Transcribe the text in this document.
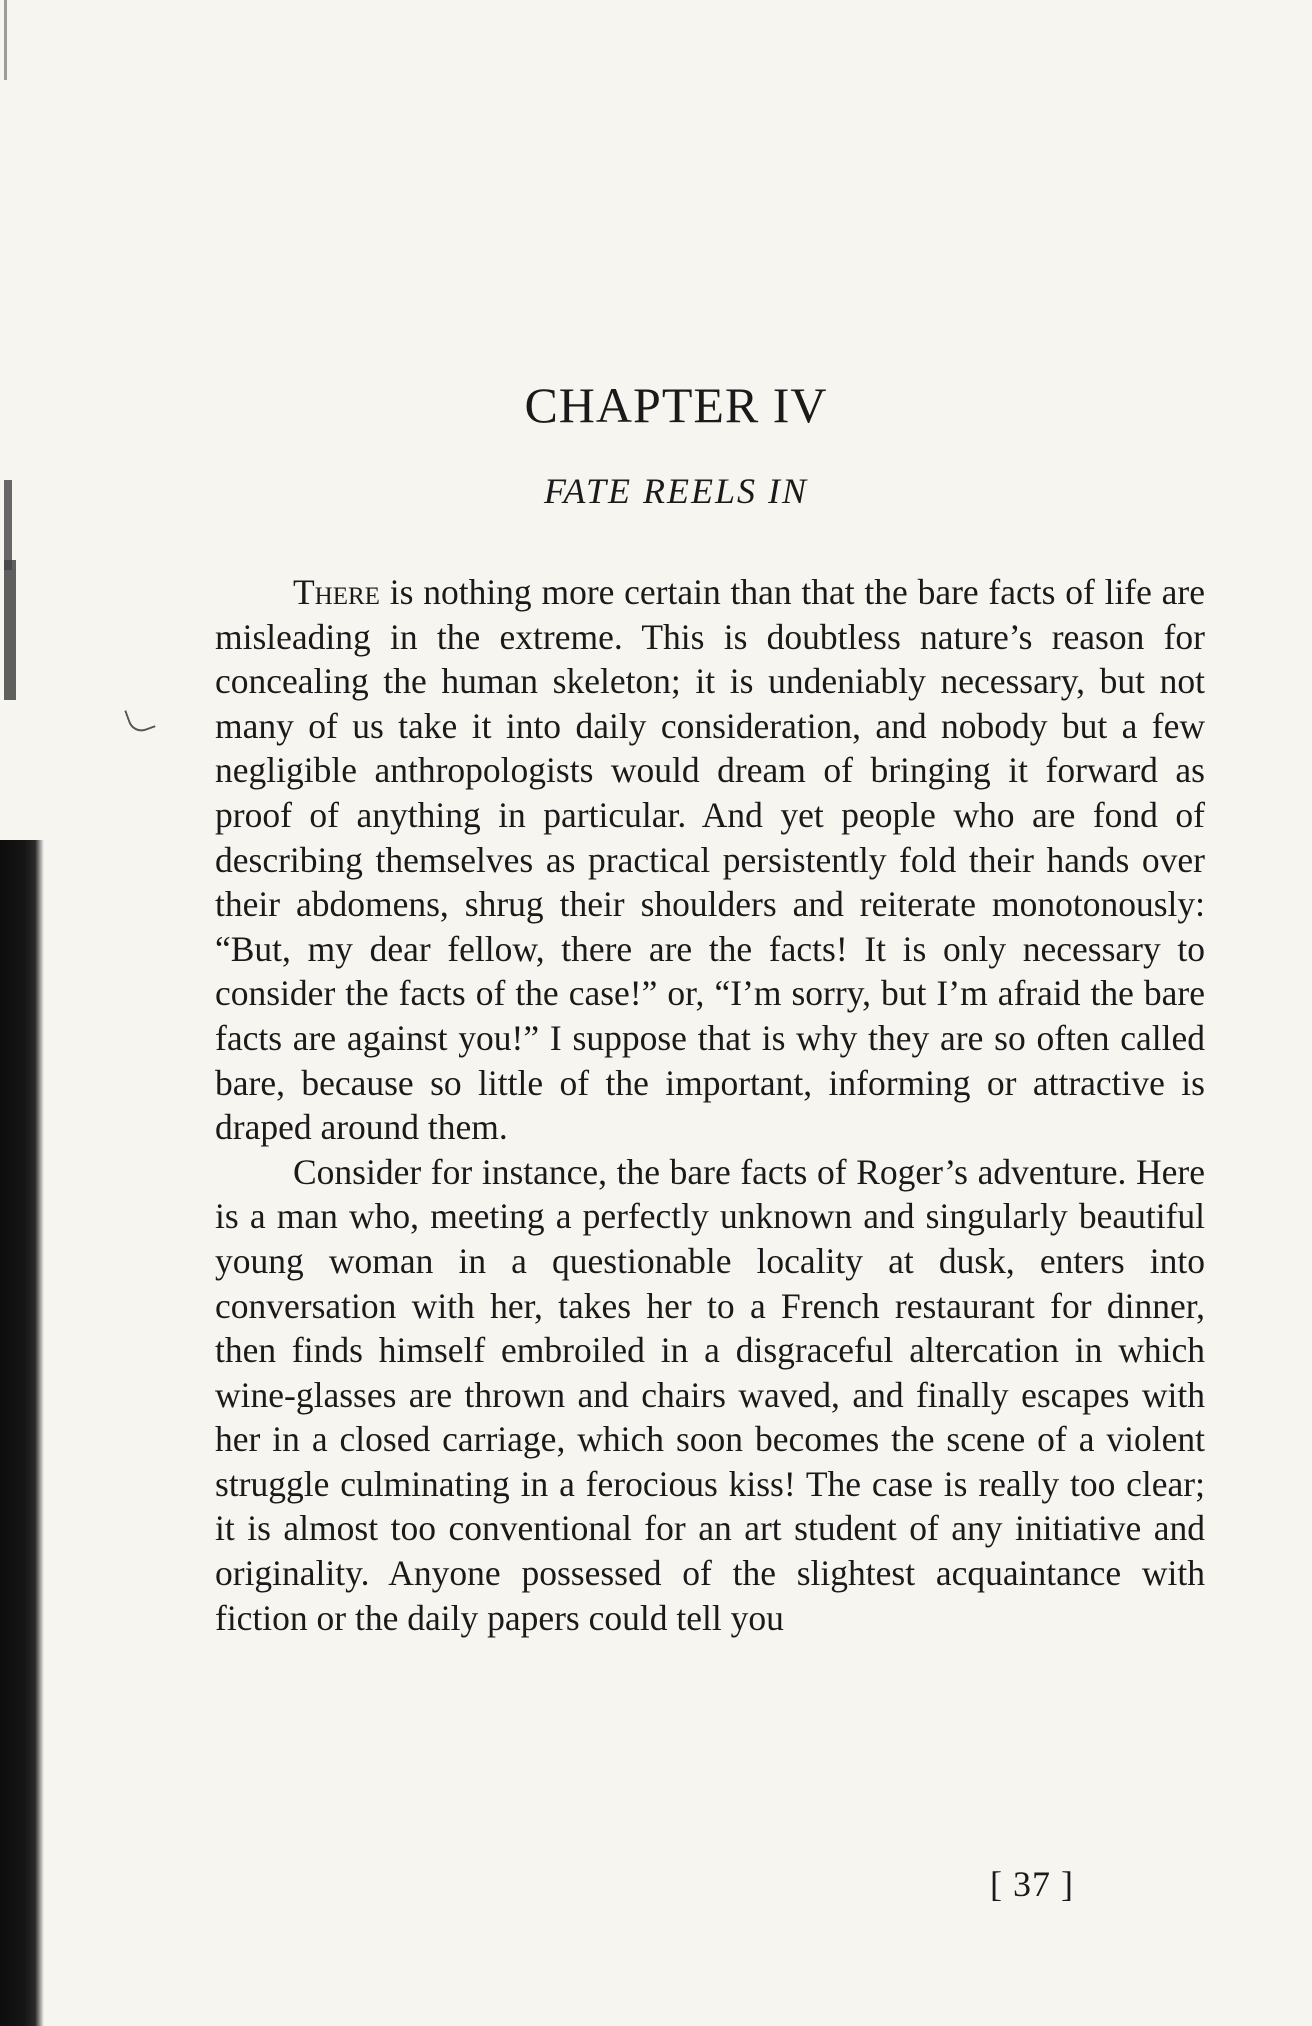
CHAPTER IV
FATE REELS IN

There is nothing more certain than that the bare facts of life are misleading in the extreme. This is doubtless nature’s reason for concealing the human skeleton; it is undeniably necessary, but not many of us take it into daily consideration, and nobody but a few negligible anthropologists would dream of bringing it forward as proof of anything in particular. And yet people who are fond of describing themselves as practical persistently fold their hands over their abdomens, shrug their shoulders and reiterate monotonously: “But, my dear fellow, there are the facts! It is only necessary to consider the facts of the case!” or, “I’m sorry, but I’m afraid the bare facts are against you!” I suppose that is why they are so often called bare, because so little of the important, informing or attractive is draped around them.

Consider for instance, the bare facts of Roger’s adventure. Here is a man who, meeting a perfectly unknown and singularly beautiful young woman in a questionable locality at dusk, enters into conversation with her, takes her to a French restaurant for dinner, then finds himself embroiled in a disgraceful altercation in which wine-glasses are thrown and chairs waved, and finally escapes with her in a closed carriage, which soon becomes the scene of a violent struggle culminating in a ferocious kiss! The case is really too clear; it is almost too conventional for an art student of any initiative and originality. Anyone possessed of the slightest acquaintance with fiction or the daily papers could tell you

[ 37 ]
